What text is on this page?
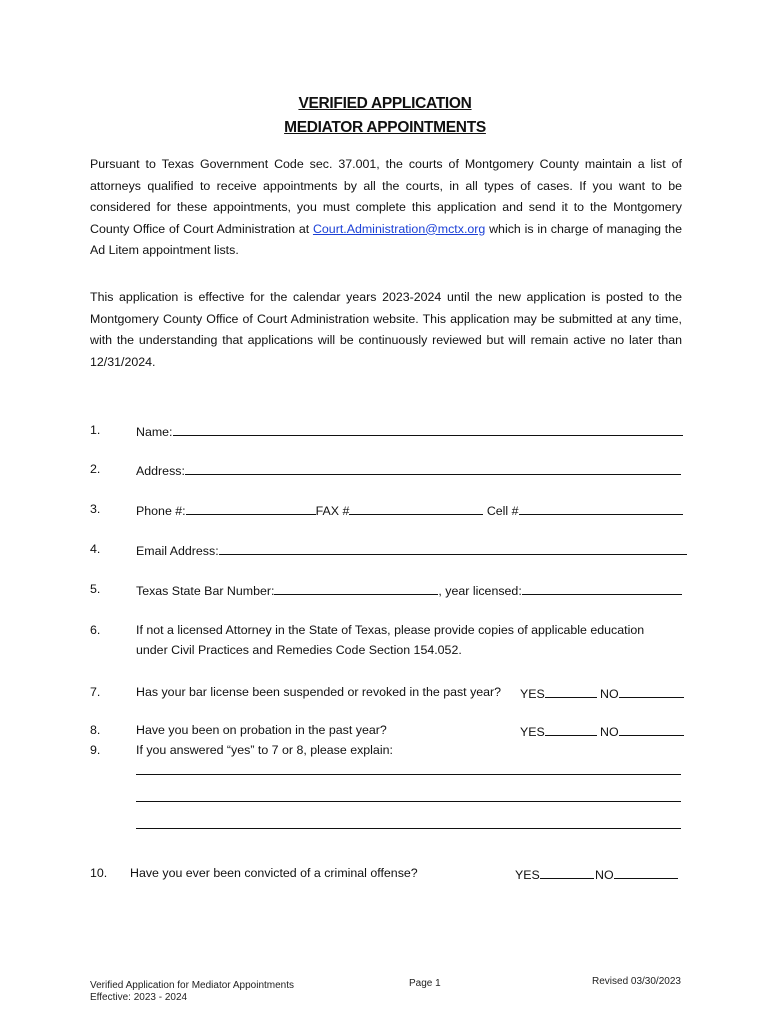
VERIFIED APPLICATION
MEDIATOR APPOINTMENTS
Pursuant to Texas Government Code sec. 37.001, the courts of Montgomery County maintain a list of attorneys qualified to receive appointments by all the courts, in all types of cases. If you want to be considered for these appointments, you must complete this application and send it to the Montgomery County Office of Court Administration at Court.Administration@mctx.org which is in charge of managing the Ad Litem appointment lists.
This application is effective for the calendar years 2023-2024 until the new application is posted to the Montgomery County Office of Court Administration website. This application may be submitted at any time, with the understanding that applications will be continuously reviewed but will remain active no later than 12/31/2024.
1.	Name:
2.	Address:
3.	Phone #:	FAX #	Cell #
4.	Email Address:
5.	Texas State Bar Number:	, year licensed:
6.	If not a licensed Attorney in the State of Texas, please provide copies of applicable education
under Civil Practices and Remedies Code Section 154.052.
7.	Has your bar license been suspended or revoked in the past year? YES	NO
8.	Have you been on probation in the past year?	YES	NO
9.	If you answered “yes” to 7 or 8, please explain:
10. Have you ever been convicted of a criminal offense?	YES	NO
Verified Application for Mediator Appointments
Effective: 2023 - 2024
Page 1	Revised 03/30/2023
